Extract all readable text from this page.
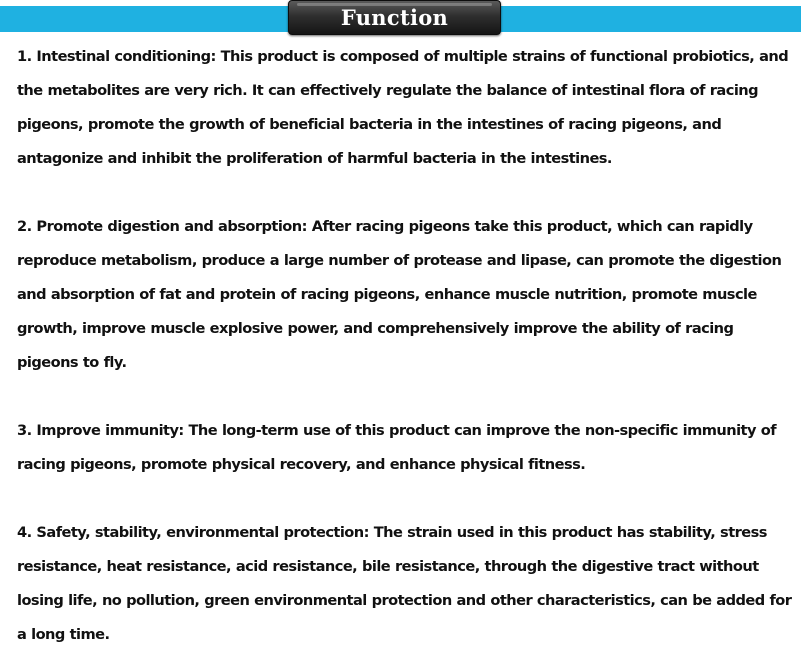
Function

1. Intestinal conditioning: This product is composed of multiple strains of functional probiotics, and the metabolites are very rich. It can effectively regulate the balance of intestinal flora of racing pigeons, promote the growth of beneficial bacteria in the intestines of racing pigeons, and antagonize and inhibit the proliferation of harmful bacteria in the intestines.

2. Promote digestion and absorption: After racing pigeons take this product, which can rapidly reproduce metabolism, produce a large number of protease and lipase, can promote the digestion and absorption of fat and protein of racing pigeons, enhance muscle nutrition, promote muscle growth, improve muscle explosive power, and comprehensively improve the ability of racing pigeons to fly.

3. Improve immunity: The long-term use of this product can improve the non-specific immunity of racing pigeons, promote physical recovery, and enhance physical fitness.

4. Safety, stability, environmental protection: The strain used in this product has stability, stress resistance, heat resistance, acid resistance, bile resistance, through the digestive tract without losing life, no pollution, green environmental protection and other characteristics, can be added for a long time.
